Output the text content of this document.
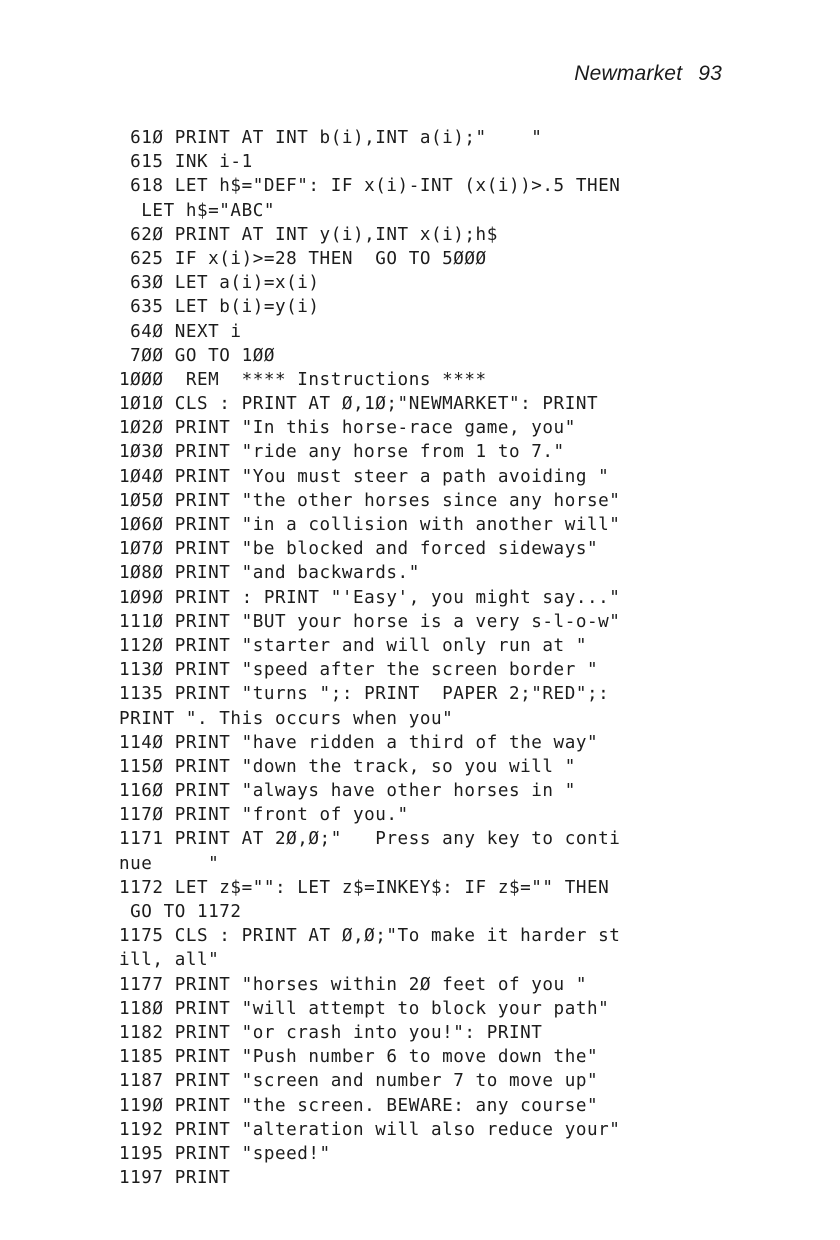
Newmarket 93
61Ø PRINT AT INT b(i),INT a(i);"    "
615 INK i-1
618 LET h$="DEF": IF x(i)-INT (x(i))>.5 THEN
LET h$="ABC"
62Ø PRINT AT INT y(i),INT x(i);h$
625 IF x(i)>=28 THEN  GO TO 5ØØØ
63Ø LET a(i)=x(i)
635 LET b(i)=y(i)
64Ø NEXT i
7ØØ GO TO 1ØØ
1ØØØ  REM  **** Instructions ****
1Ø1Ø CLS : PRINT AT Ø,1Ø;"NEWMARKET": PRINT
1Ø2Ø PRINT "In this horse-race game, you"
1Ø3Ø PRINT "ride any horse from 1 to 7."
1Ø4Ø PRINT "You must steer a path avoiding "
1Ø5Ø PRINT "the other horses since any horse"
1Ø6Ø PRINT "in a collision with another will"
1Ø7Ø PRINT "be blocked and forced sideways"
1Ø8Ø PRINT "and backwards."
1Ø9Ø PRINT : PRINT "'Easy', you might say..."
111Ø PRINT "BUT your horse is a very s-l-o-w"
112Ø PRINT "starter and will only run at "
113Ø PRINT "speed after the screen border "
1135 PRINT "turns ";: PRINT  PAPER 2;"RED";:
PRINT ". This occurs when you"
114Ø PRINT "have ridden a third of the way"
115Ø PRINT "down the track, so you will "
116Ø PRINT "always have other horses in "
117Ø PRINT "front of you."
1171 PRINT AT 2Ø,Ø;"   Press any key to conti
nue     "
1172 LET z$="": LET z$=INKEY$: IF z$="" THEN
GO TO 1172
1175 CLS : PRINT AT Ø,Ø;"To make it harder st
ill, all"
1177 PRINT "horses within 2Ø feet of you "
118Ø PRINT "will attempt to block your path"
1182 PRINT "or crash into you!": PRINT
1185 PRINT "Push number 6 to move down the"
1187 PRINT "screen and number 7 to move up"
119Ø PRINT "the screen. BEWARE: any course"
1192 PRINT "alteration will also reduce your"
1195 PRINT "speed!"
1197 PRINT
